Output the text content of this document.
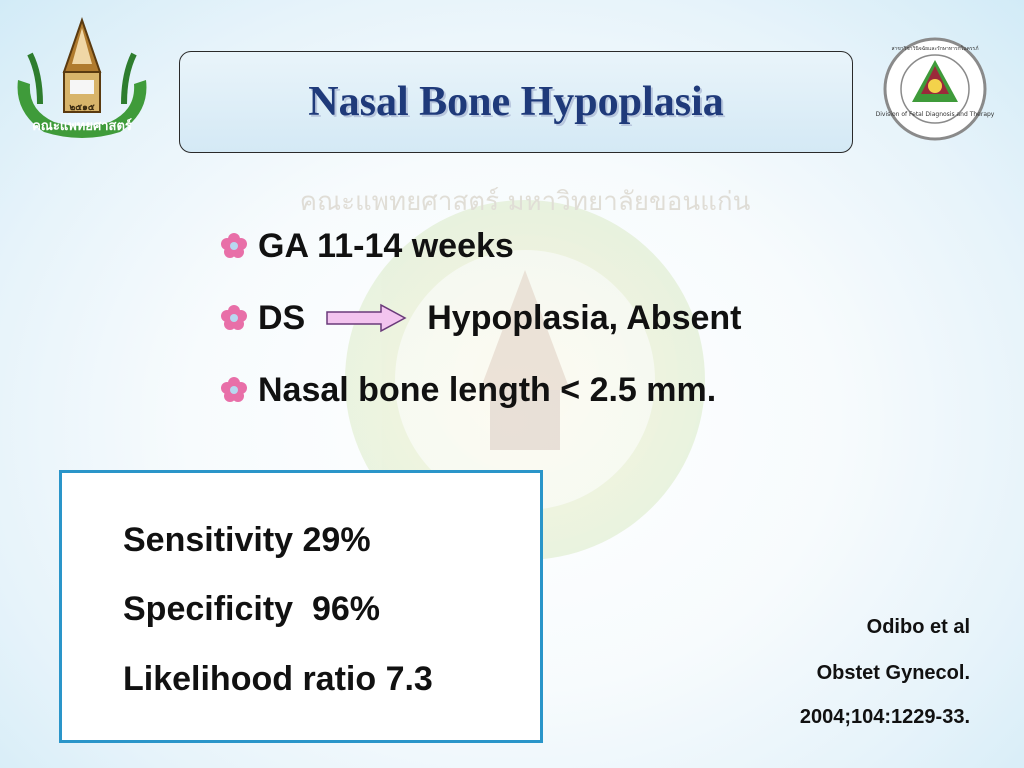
คณะแพทยศาสตร์ มหาวิทยาลัยขอนแก่น
๒๕๑๕
คณะแพทยศาสตร์
Division of Fetal Diagnosis and Therapy
สาขาวิชาวินิจฉัยและรักษาทารกในครรภ์
Nasal Bone Hypoplasia
GA 11-14 weeks
DS	Hypoplasia, Absent
Nasal bone length < 2.5 mm.
Sensitivity 29%
Specificity  96%
Likelihood ratio 7.3
Odibo et al
Obstet Gynecol.
2004;104:1229-33.
